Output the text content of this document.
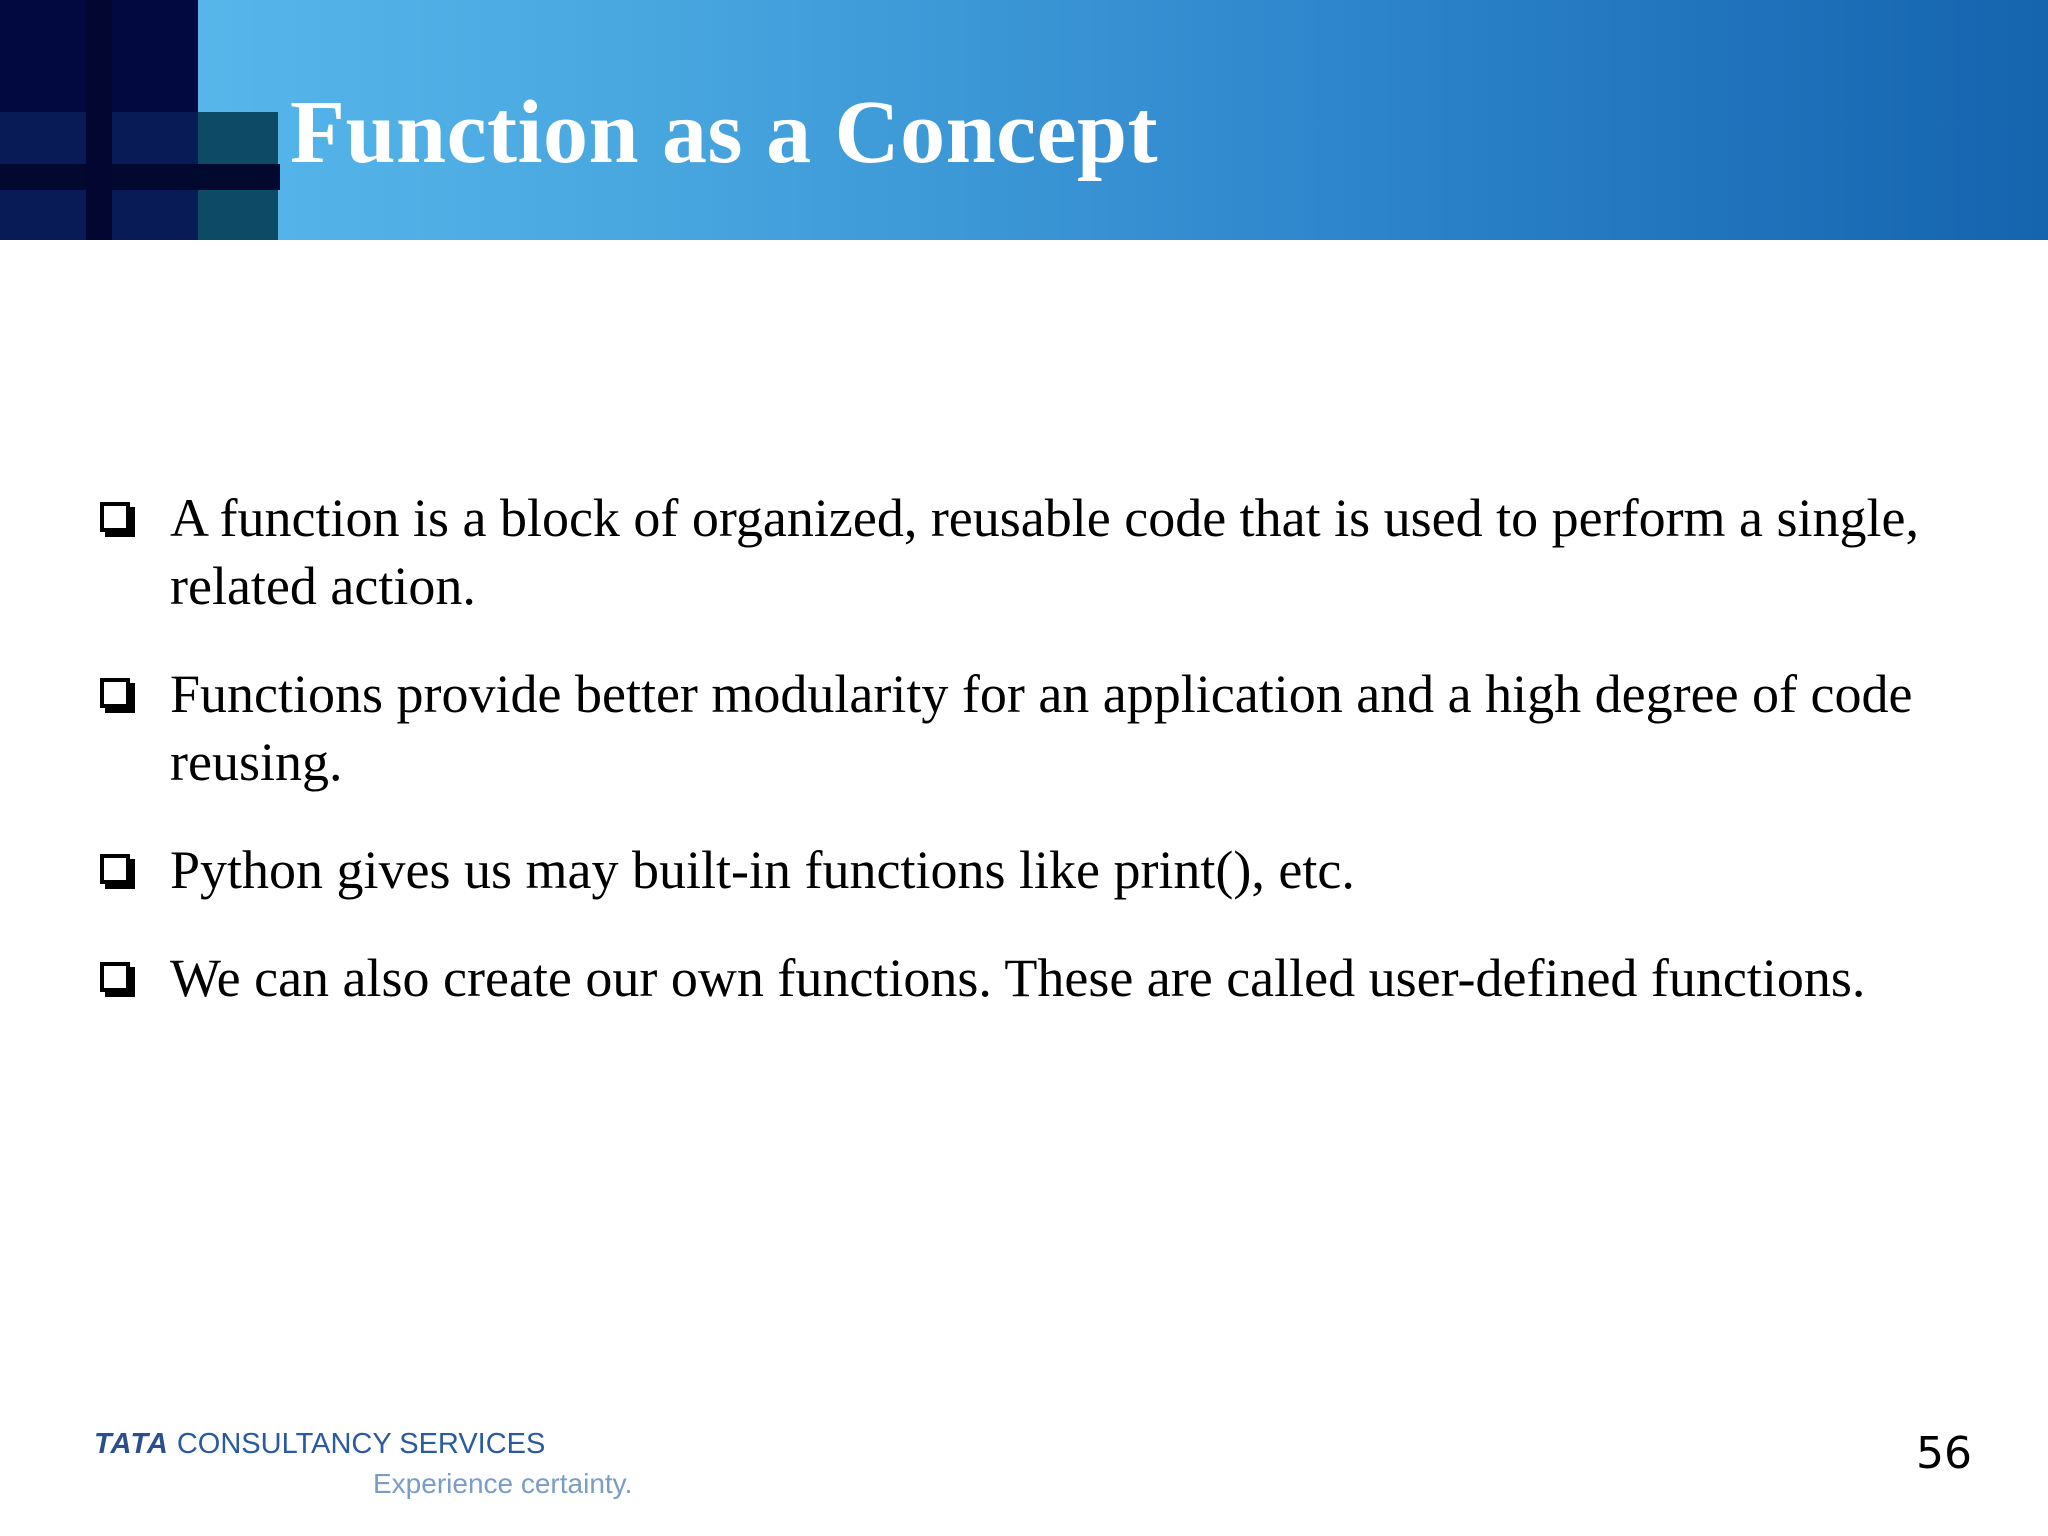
Function as a Concept
A function is a block of organized, reusable code that is used to perform a single, related action.
Functions provide better modularity for an application and a high degree of code reusing.
Python gives us may built-in functions like print(), etc.
We can also create our own functions. These are called user-defined functions.
TATA CONSULTANCY SERVICES
Experience certainty.
56
